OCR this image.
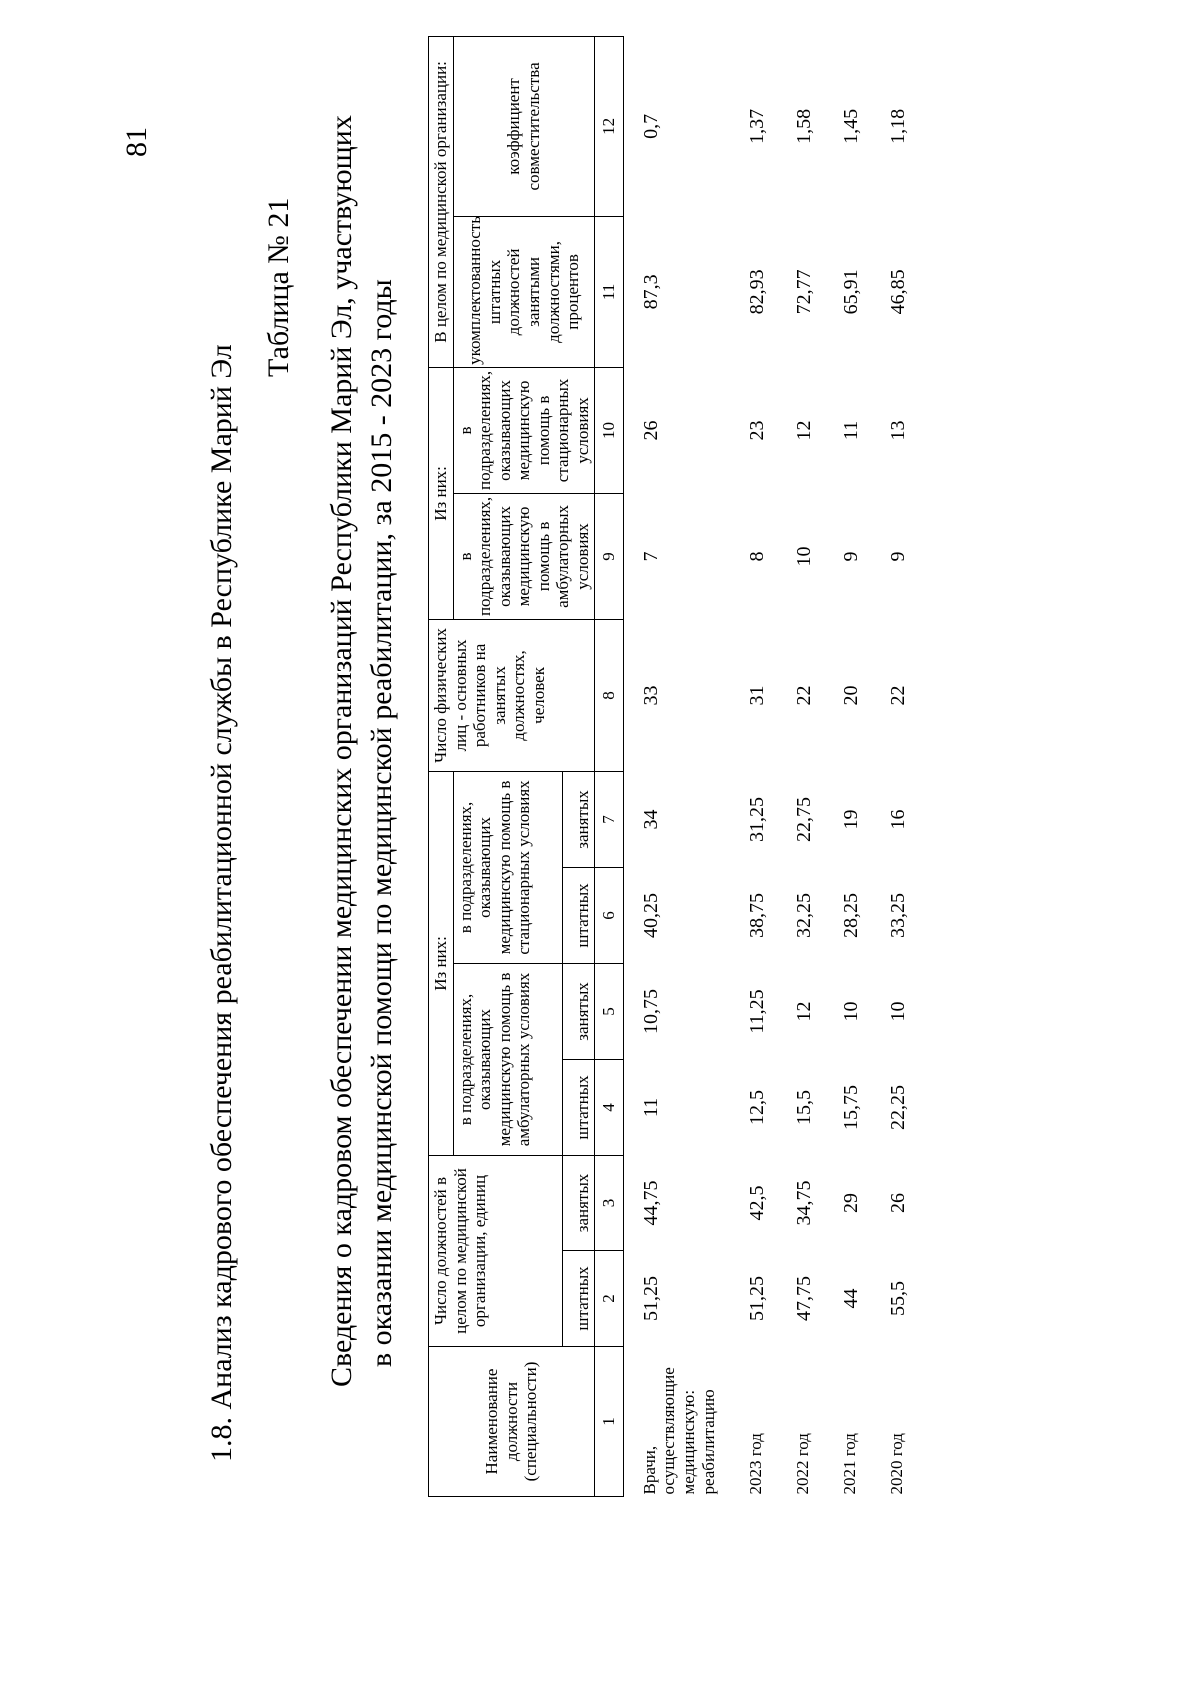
81
1.8. Анализ кадрового обеспечения реабилитационной службы в Республике Марий Эл
Таблица № 21 Сведения о кадровом обеспечении медицинских организаций Республики Марий Эл, участвующих в оказании медицинской помощи по медицинской реабилитации, за 2015 - 2023 годы
Наименование должности (специальности)	Число должностей в целом по медицинской организации, единиц		Из них:				Число физических лиц - основных работников на занятых должностях, человек	Из них:		В целом по медицинской организации:	
			в подразделениях, оказывающих медицинскую помощь в амбулаторных условиях		в подразделениях, оказывающих медицинскую помощь в стационарных условиях			в подразделениях, оказывающих медицинскую помощь в амбулаторных условиях	в подразделениях, оказывающих медицинскую помощь в стационарных условиях	укомплектованность штатных должностей занятыми должностями, процентов	коэффициент совместительства
	штатных	занятых	штатных	занятых	штатных	занятых					
1	2	3	4	5	6	7	8	9	10	11	12
Врачи, осуществляющие медицинскую: реабилитацию	51,25	44,75	11	10,75	40,25	34	33	7	26	87,3	0,7
2023 год	51,25	42,5	12,5	11,25	38,75	31,25	31	8	23	82,93	1,37
2022 год	47,75	34,75	15,5	12	32,25	22,75	22	10	12	72,77	1,58
2021 год	44	29	15,75	10	28,25	19	20	9	11	65,91	1,45
2020 год	55,5	26	22,25	10	33,25	16	22	9	13	46,85	1,18
